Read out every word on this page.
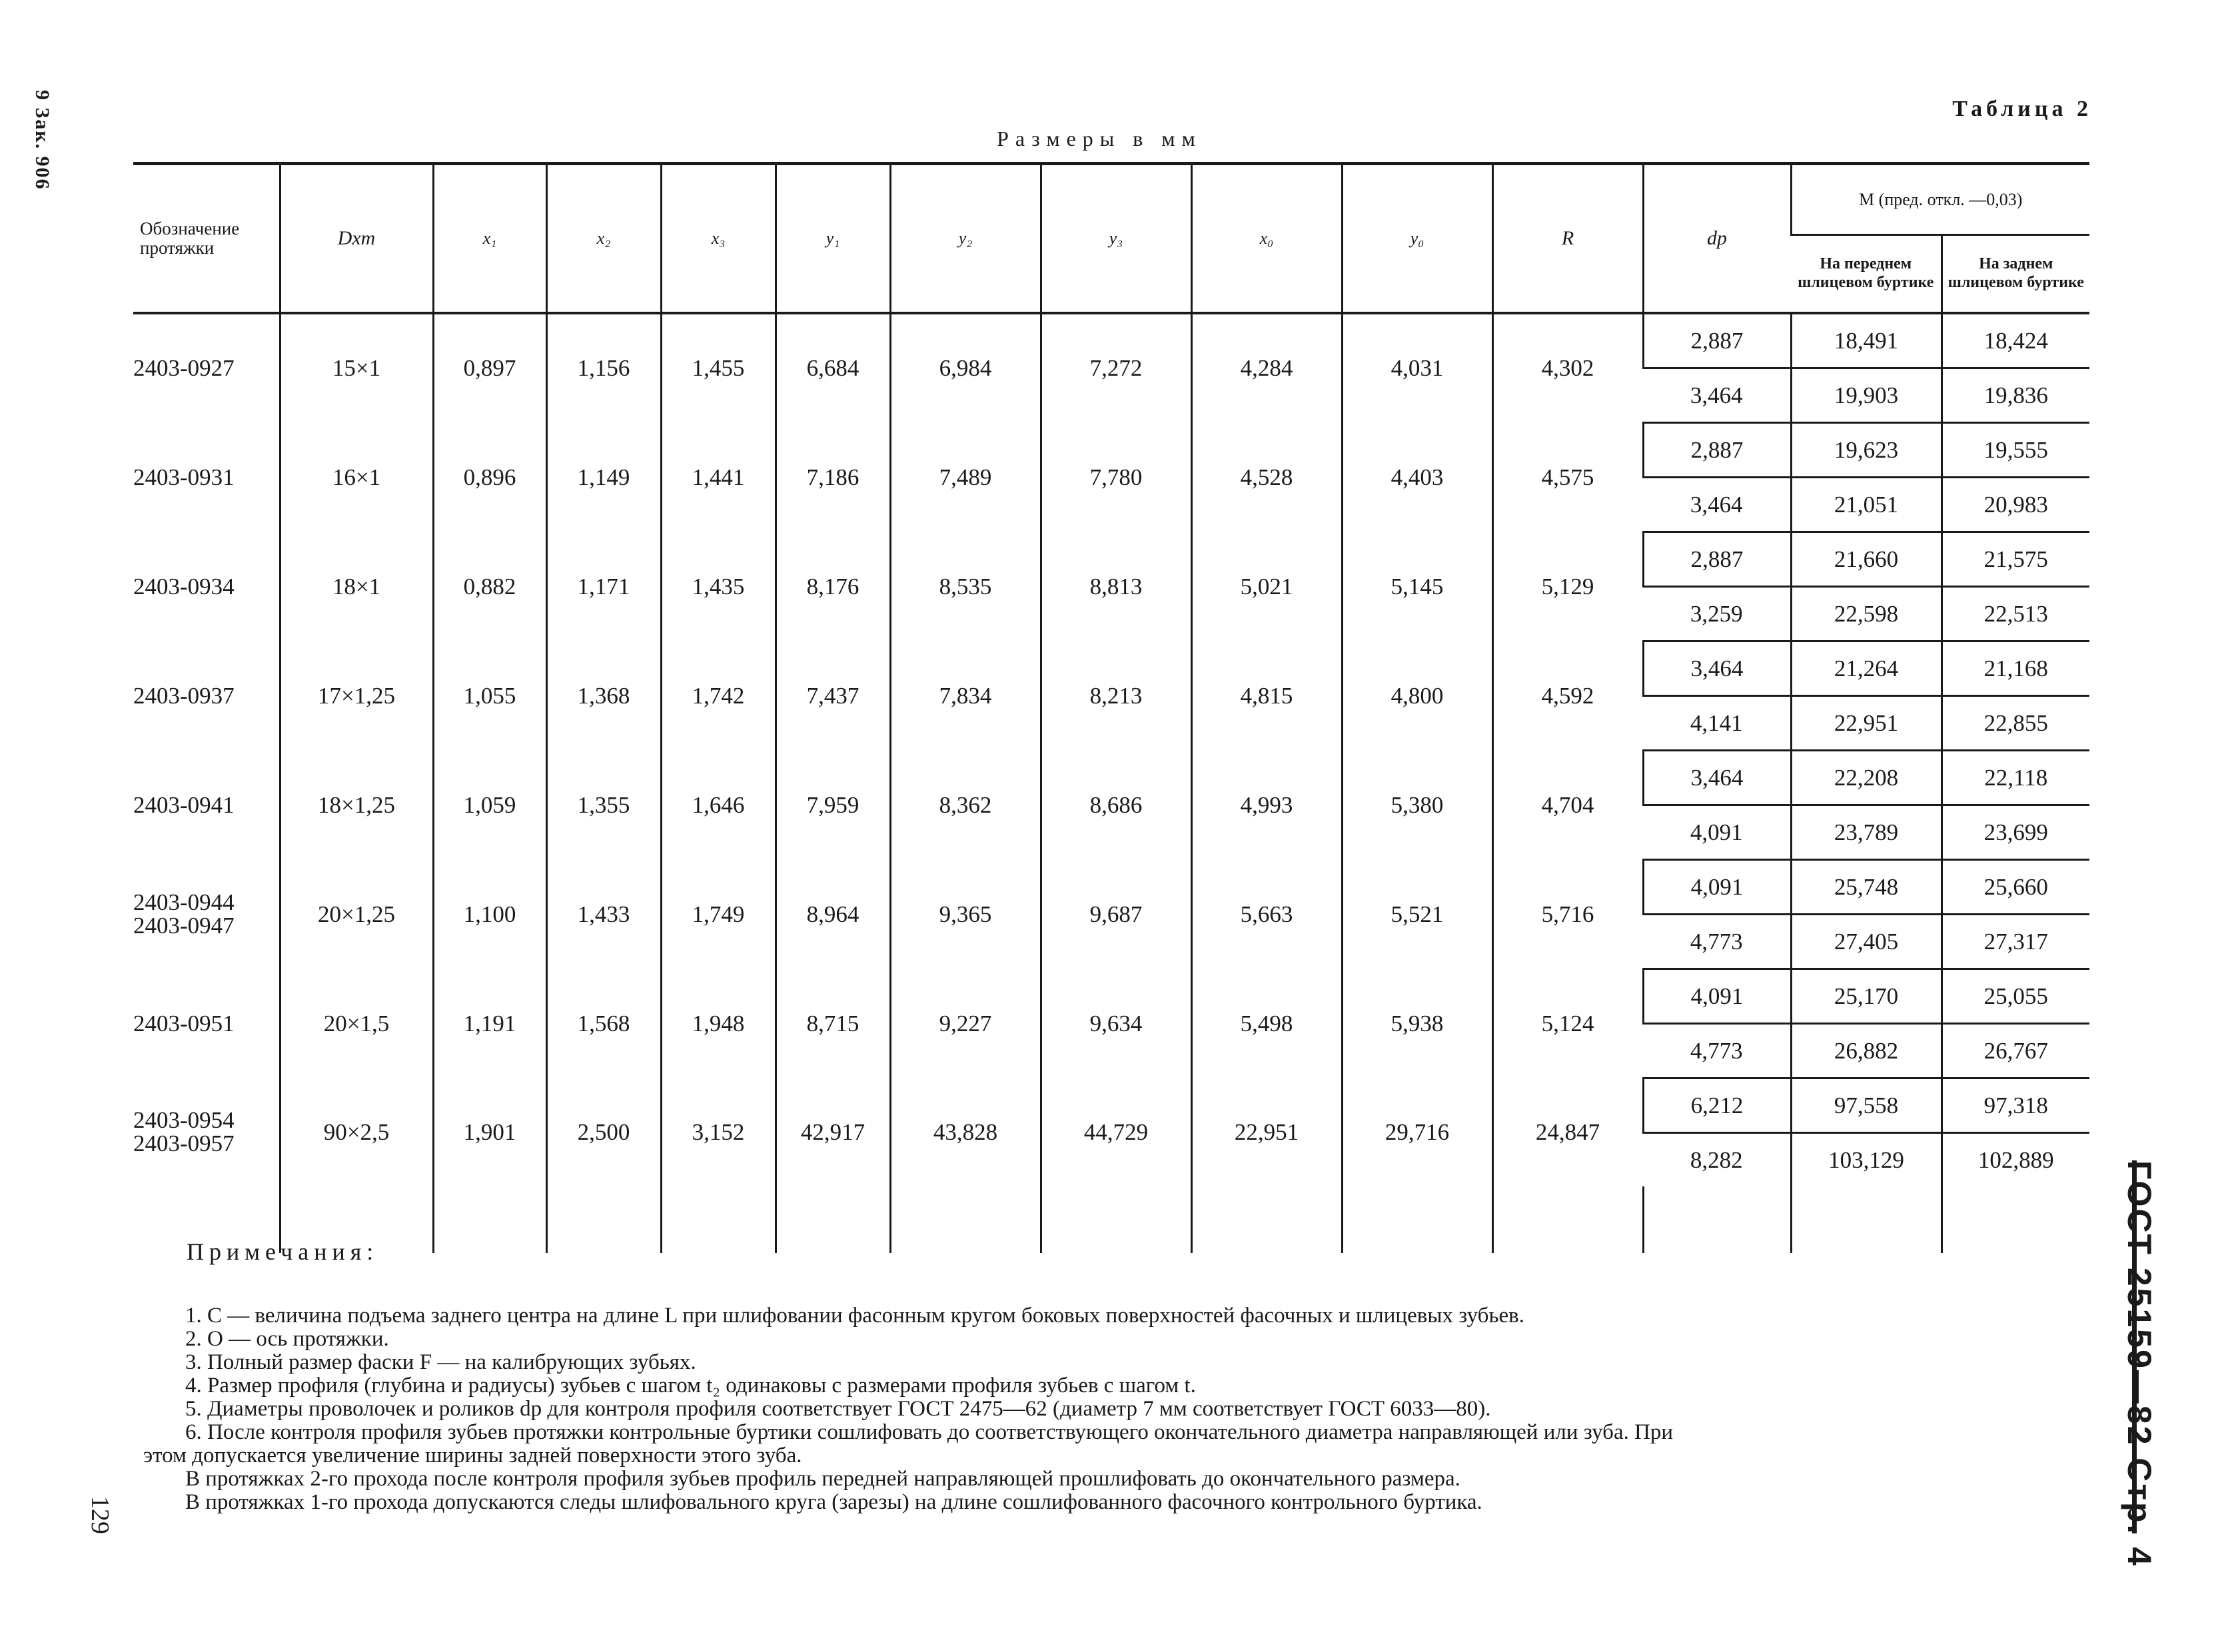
9 Зак. 906
129	ГОСТ 25159—82 Стр. 4
Таблица 2
Размеры в мм
Обозначение протяжки	Dxm	x₁	x₂	x₃	y₁	y₂	y₃	x₀	y₀	R	dp	M (пред. откл. —0,03)	
												На переднем шлицевом буртике	На заднем шлицевом буртике
2403-0927	15×1	0,897	1,156	1,455	6,684	6,984	7,272	4,284	4,031	4,302	2,887	18,491	18,424
											3,464	19,903	19,836
2403-0931	16×1	0,896	1,149	1,441	7,186	7,489	7,780	4,528	4,403	4,575	2,887	19,623	19,555
											3,464	21,051	20,983
2403-0934	18×1	0,882	1,171	1,435	8,176	8,535	8,813	5,021	5,145	5,129	2,887	21,660	21,575
											3,259	22,598	22,513
2403-0937	17×1,25	1,055	1,368	1,742	7,437	7,834	8,213	4,815	4,800	4,592	3,464	21,264	21,168
											4,141	22,951	22,855
2403-0941	18×1,25	1,059	1,355	1,646	7,959	8,362	8,686	4,993	5,380	4,704	3,464	22,208	22,118
											4,091	23,789	23,699
2403-0944
2403-0947	20×1,25	1,100	1,433	1,749	8,964	9,365	9,687	5,663	5,521	5,716	4,091	25,748	25,660
											4,773	27,405	27,317
2403-0951	20×1,5	1,191	1,568	1,948	8,715	9,227	9,634	5,498	5,938	5,124	4,091	25,170	25,055
											4,773	26,882	26,767
2403-0954
2403-0957	90×2,5	1,901	2,500	3,152	42,917	43,828	44,729	22,951	29,716	24,847	6,212	97,558	97,318
											8,282	103,129	102,889

Примечания:
1. С — величина подъема заднего центра на длине L при шлифовании фасонным кругом боковых поверхностей фасочных и шлицевых зубьев.
2. О — ось протяжки.
3. Полный размер фаски F — на калибрующих зубьях.
4. Размер профиля (глубина и радиусы) зубьев с шагом t₂ одинаковы с размерами профиля зубьев с шагом t.
5. Диаметры проволочек и роликов dp для контроля профиля соответствует ГОСТ 2475—62 (диаметр 7 мм соответствует ГОСТ 6033—80).
6. После контроля профиля зубьев протяжки контрольные буртики сошлифовать до соответствующего окончательного диаметра направляющей или зуба. При
этом допускается увеличение ширины задней поверхности этого зуба.
В протяжках 2-го прохода после контроля профиля зубьев профиль передней направляющей прошлифовать до окончательного размера.
В протяжках 1-го прохода допускаются следы шлифовального круга (зарезы) на длине сошлифованного фасочного контрольного буртика.
